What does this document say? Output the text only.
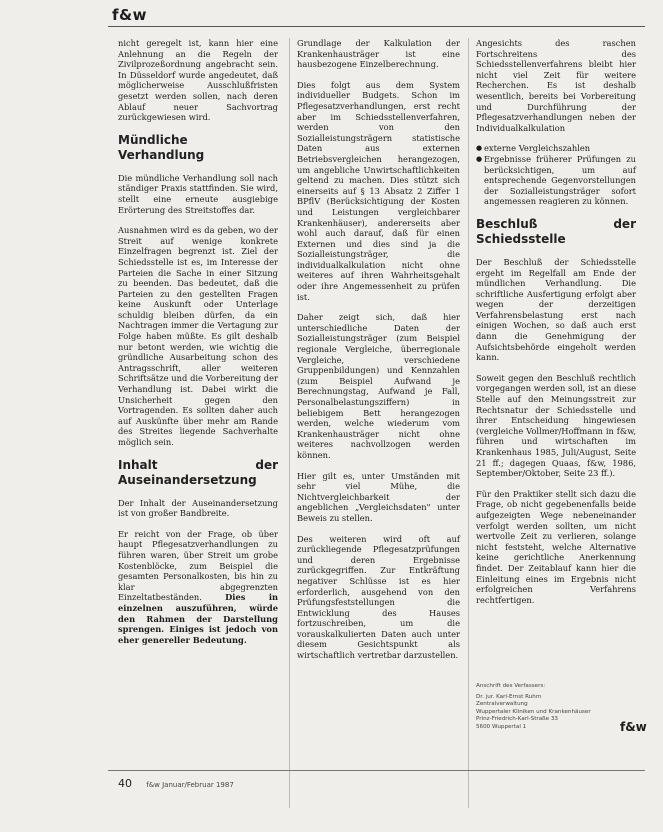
f&w

nicht geregelt ist, kann hier eine Anlehnung an die Regeln der Zivilprozeßordnung angebracht sein. In Düsseldorf wurde angedeutet, daß möglicherweise Ausschlußfristen gesetzt werden sollen, nach deren Ablauf neuer Sachvortrag zurückgewiesen wird.

Mündliche Verhandlung

Die mündliche Verhandlung soll nach ständiger Praxis stattfinden. Sie wird, stellt eine erneute ausgiebige Erörterung des Streitstoffes dar.

Ausnahmen wird es da geben, wo der Streit auf wenige konkrete Einzelfragen begrenzt ist. Ziel der Schiedsstelle ist es, im Interesse der Parteien die Sache in einer Sitzung zu beenden. Das bedeutet, daß die Parteien zu den gestellten Fragen keine Auskunft oder Unterlage schuldig bleiben dürfen, da ein Nachtragen immer die Vertagung zur Folge haben müßte. Es gilt deshalb nur betont werden, wie wichtig die gründliche Ausarbeitung schon des Antragsschrift, aller weiteren Schriftsätze und die Vorbereitung der Verhandlung ist. Dabei wirkt die Unsicherheit gegen den Vortragenden. Es sollten daher auch auf Auskünfte über mehr am Rande des Streites liegende Sachverhalte möglich sein.

Inhalt der Auseinandersetzung

Der Inhalt der Auseinandersetzung ist von großer Bandbreite.

Er reicht von der Frage, ob über haupt Pflegesatzverhandlungen zu führen waren, über Streit um grobe Kostenblöcke, zum Beispiel die gesamten Personalkosten, bis hin zu klar abgegrenzten Einzeltatbeständen. Dies in einzelnen auszuführen, würde den Rahmen der Darstellung sprengen. Einiges ist jedoch von eher genereller Bedeutung.

Grundlage der Kalkulation der Krankenhausträger ist eine hausbezogene Einzelberechnung.

Dies folgt aus dem System individueller Budgets. Schon im Pflegesatzverhandlungen, erst recht aber im Schiedsstellenverfahren, werden von den Sozialleistungsträgern statistische Daten aus externen Betriebsvergleichen herangezogen, um angebliche Unwirtschaftlichkeiten geltend zu machen. Dies stützt sich einerseits auf § 13 Absatz 2 Ziffer 1 BPflV (Berücksichtigung der Kosten und Leistungen vergleichbarer Krankenhäuser), andererseits aber wohl auch darauf, daß für einen Externen und dies sind ja die Sozialleistungsträger, die individualkalkulation nicht ohne weiteres auf ihren Wahrheitsgehalt oder ihre Angemessenheit zu prüfen ist.

Daher zeigt sich, daß hier unterschiedliche Daten der Sozialleistungsträger (zum Beispiel regionale Vergleiche, überregionale Vergleiche, verschiedene Gruppenbildungen) und Kennzahlen (zum Beispiel Aufwand je Berechnungstag, Aufwand je Fall, Personalbelastungsziffern) in beliebigem Bett herangezogen werden, welche wiederum vom Krankenhausträger nicht ohne weiteres nachvollzogen werden können.

Hier gilt es, unter Umständen mit sehr viel Mühe, die Nichtvergleichbarkeit der angeblichen „Vergleichsdaten" unter Beweis zu stellen.

Des weiteren wird oft auf zurückliegende Pflegesatzprüfungen und deren Ergebnisse zurückgegriffen. Zur Entkräftung negativer Schlüsse ist es hier erforderlich, ausgehend von den Prüfungsfeststellungen die Entwicklung des Hauses fortzuschreiben, um die vorauskalkulierten Daten auch unter diesem Gesichtspunkt als wirtschaftlich vertretbar darzustellen.

Angesichts des raschen Fortschreitens des Schiedsstellenverfahrens bleibt hier nicht viel Zeit für weitere Recherchen. Es ist deshalb wesentlich, bereits bei Vorbereitung und Durchführung der Pflegesatzverhandlungen neben der Individualkalkulation

● externe Vergleichszahlen
● Ergebnisse früherer Prüfungen zu berücksichtigen, um auf entsprechende Gegenvorstellungen der Sozialleistungsträger sofort angemessen reagieren zu können.
Beschluß der Schiedsstelle

Der Beschluß der Schiedsstelle ergeht im Regelfall am Ende der mündlichen Verhandlung. Die schriftliche Ausfertigung erfolgt aber wegen der derzeitigen Verfahrensbelastung erst nach einigen Wochen, so daß auch erst dann die Genehmigung der Aufsichtsbehörde eingeholt werden kann.

Soweit gegen den Beschluß rechtlich vorgegangen werden soll, ist an diese Stelle auf den Meinungsstreit zur Rechtsnatur der Schiedsstelle und ihrer Entscheidung hingewiesen (vergleiche Vollmer/Hoffmann in f&w, führen und wirtschaften im Krankenhaus 1985, Juli/August, Seite 21 ff.; dagegen Quaas, f&w, 1986, September/Oktober, Seite 23 ff.).

Für den Praktiker stellt sich dazu die Frage, ob nicht gegebenenfalls beide aufgezeigten Wege nebeneinander verfolgt werden sollten, um nicht wertvolle Zeit zu verlieren, solange nicht feststeht, welche Alternative keine gerichtliche Anerkennung findet. Der Zeitablauf kann hier die Einleitung eines im Ergebnis nicht erfolgreichen Verfahrens rechtfertigen.

Anschrift des Verfassers:
Dr. jur. Karl-Ernst Ruhm
Zentralverwaltung
Wuppertaler Kliniken und Krankenhäuser
Prinz-Friedrich-Karl-Straße 33
5600 Wuppertal 1	f&w
40 f&w Januar/Februar 1987
